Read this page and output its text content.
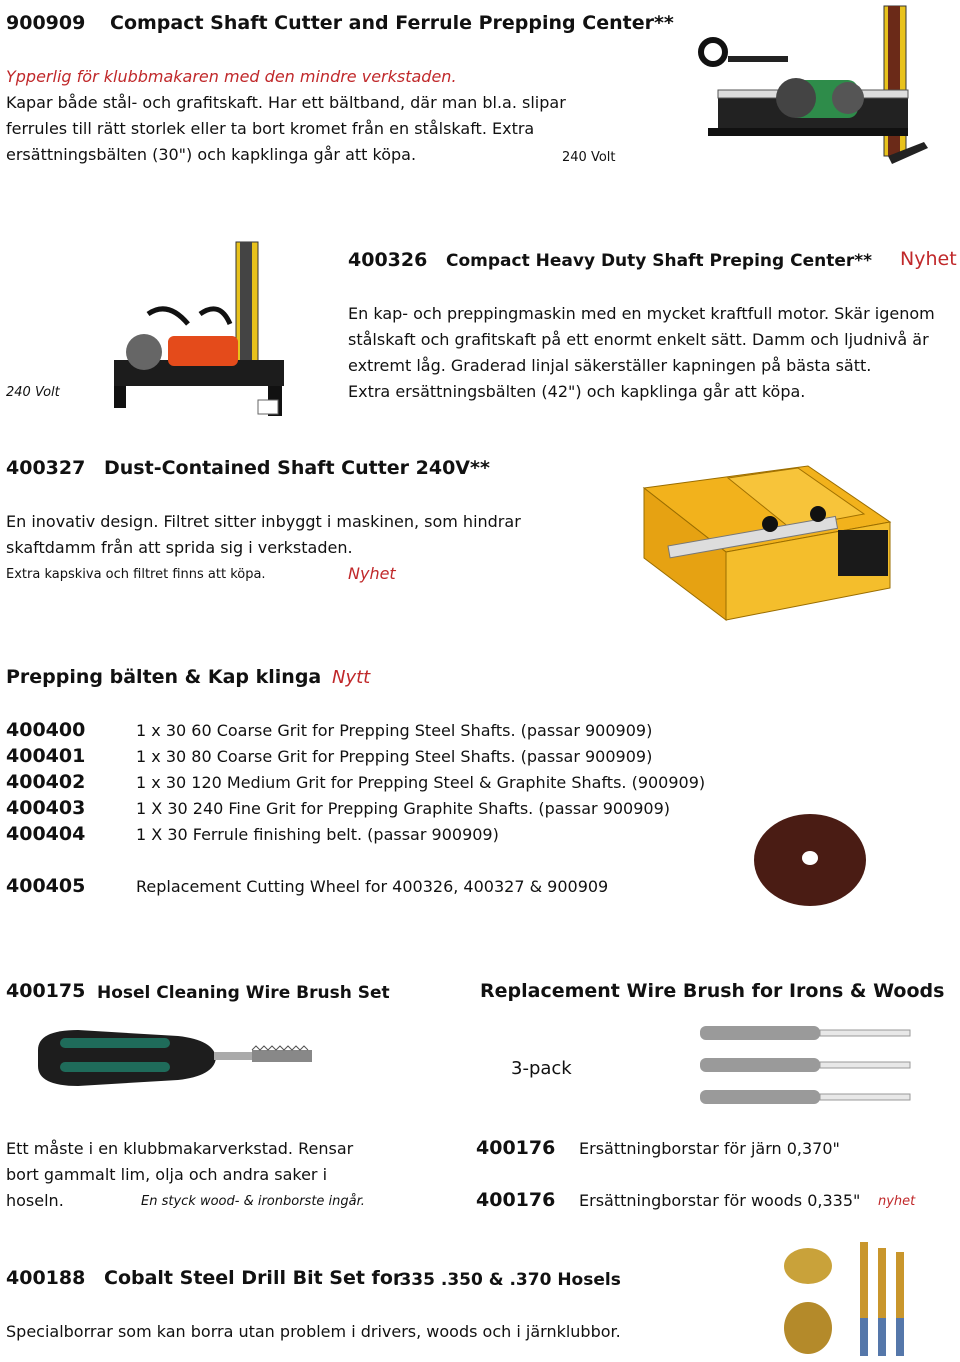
900909 Compact Shaft Cutter and Ferrule Prepping Center**
Ypperlig för klubbmakaren med den mindre verkstaden.
Kapar både stål- och grafitskaft. Har ett bältband, där man bl.a. slipar
ferrules till rätt storlek eller ta bort kromet från en stålskaft. Extra
ersättningsbälten (30") och kapklinga går att köpa.	240 Volt
240 Volt
400326 Compact Heavy Duty Shaft Preping Center** Nyhet
En kap- och preppingmaskin med en mycket kraftfull motor. Skär igenom
stålskaft och grafitskaft på ett enormt enkelt sätt. Damm och ljudnivå är
extremt låg. Graderad linjal säkerställer kapningen på bästa sätt.
Extra ersättningsbälten (42") och kapklinga går att köpa.
400327 Dust-Contained Shaft Cutter 240V**
En inovativ design. Filtret sitter inbyggt i maskinen, som hindrar
skaftdamm från att sprida sig i verkstaden.
Extra kapskiva och filtret finns att köpa.	Nyhet
Prepping bälten & Kap klinga Nytt
400400	1 x 30 60 Coarse Grit for Prepping Steel Shafts. (passar 900909)
400401	1 x 30 80 Coarse Grit for Prepping Steel Shafts. (passar 900909)
400402	1 x 30 120 Medium Grit for Prepping Steel & Graphite Shafts. (900909)
400403	1 X 30 240 Fine Grit for Prepping Graphite Shafts. (passar 900909)
400404	1 X 30 Ferrule finishing belt. (passar 900909)
400405	Replacement Cutting Wheel for 400326, 400327 & 900909
400175 Hosel Cleaning Wire Brush Set
Ett måste i en klubbmakarverkstad. Rensar
bort gammalt lim, olja och andra saker i
hoseln.	En styck wood- & ironborste ingår.
Replacement Wire Brush for Irons & Woods
3-pack
400176 Ersättningborstar för järn 0,370"
400176 Ersättningborstar för woods 0,335" nyhet
400188 Cobalt Steel Drill Bit Set for
.335 .350 & .370 Hosels
Specialborrar som kan borra utan problem i drivers, woods och i järnklubbor.
